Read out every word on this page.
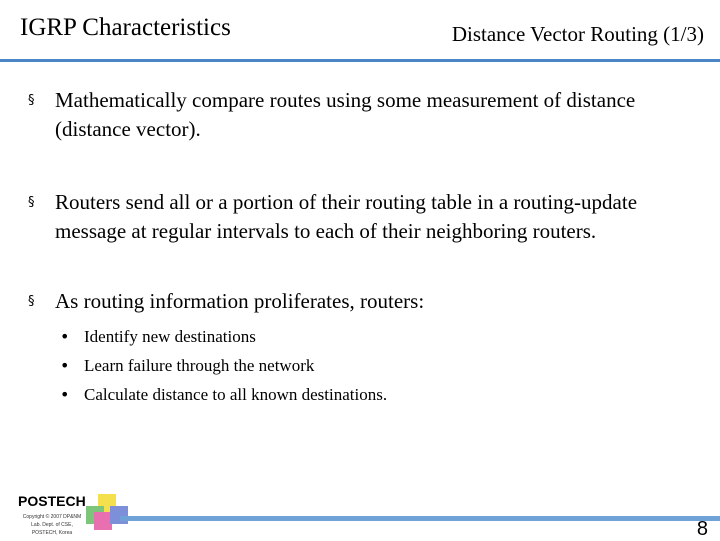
IGRP Characteristics	Distance Vector Routing (1/3)
§ Mathematically compare routes using some measurement of distance (distance vector).
§ Routers send all or a portion of their routing table in a routing-update message at regular intervals to each of their neighboring routers.
§ As routing information proliferates, routers:
• Identify new destinations
• Learn failure through the network
• Calculate distance to all known destinations.
POSTECH
Copyright © 2007 DP&NM Lab. Dept. of CSE, POSTECH, Korea	8
